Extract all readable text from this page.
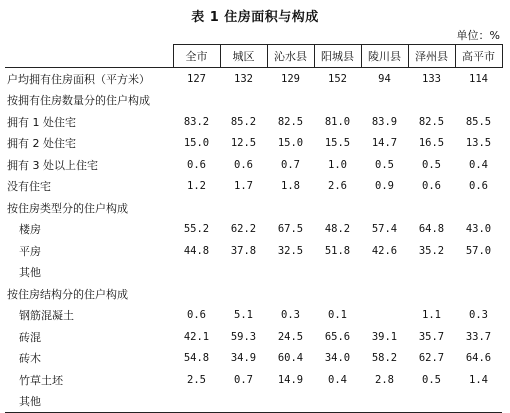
表 1 住房面积与构成
单位：%
	全市	城区	沁水县	阳城县	陵川县	泽州县	高平市
户均拥有住房面积（平方米）	127	132	129	152	94	133	114
按拥有住房数量分的住户构成							
拥有 1 处住宅	83.2	85.2	82.5	81.0	83.9	82.5	85.5
拥有 2 处住宅	15.0	12.5	15.0	15.5	14.7	16.5	13.5
拥有 3 处以上住宅	0.6	0.6	0.7	1.0	0.5	0.5	0.4
没有住宅	1.2	1.7	1.8	2.6	0.9	0.6	0.6
按住房类型分的住户构成							
楼房	55.2	62.2	67.5	48.2	57.4	64.8	43.0
平房	44.8	37.8	32.5	51.8	42.6	35.2	57.0
其他							
按住房结构分的住户构成							
钢筋混凝土	0.6	5.1	0.3	0.1		1.1	0.3
砖混	42.1	59.3	24.5	65.6	39.1	35.7	33.7
砖木	54.8	34.9	60.4	34.0	58.2	62.7	64.6
竹草土坯	2.5	0.7	14.9	0.4	2.8	0.5	1.4
其他							
